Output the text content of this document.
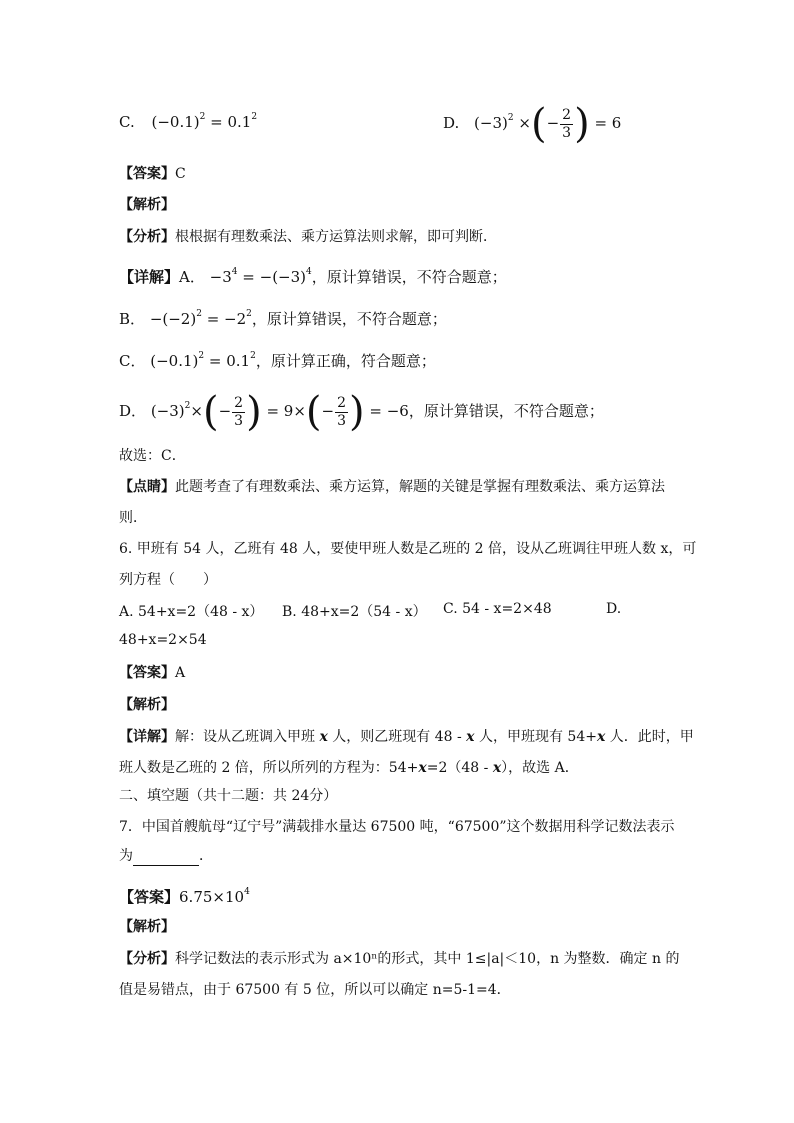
C. $(-0.1)^2 = 0.1^2$	D. $(-3)^2$ ×(− $\frac{2}{3}$ ) = 6
【答案】C
【解析】
【分析】根根据有理数乘法、乘方运算法则求解，即可判断．
【详解】A． $-3^4 = -(-3)^4$，原计算错误，不符合题意；
B． $-(-2)^2 = -2^2$，原计算错误，不符合题意；
C． $(-0.1)^2 = 0.1^2$，原计算正确，符合题意；
D． $(-3)^2\times(- \frac{2}{3}$ ) = $9\times(- \frac{2}{3}$ ) = −6，原计算错误，不符合题意；
故选：C．
【点睛】此题考查了有理数乘法、乘方运算，解题的关键是掌握有理数乘法、乘方运算法
则．
6. 甲班有 54 人，乙班有 48 人，要使甲班人数是乙班的 2 倍，设从乙班调往甲班人数 x，可
列方程（　　）
A. 54+x=2（48 - x） B. 48+x=2（54 - x） C. 54 - x=2×48	D.
48+x=2×54
【答案】A
【解析】
【详解】解：设从乙班调入甲班 x 人，则乙班现有 48 - x 人，甲班现有 54+x 人．此时，甲
班人数是乙班的 2 倍，所以所列的方程为：54+x=2（48 - x），故选 A．
二、填空题（共十二题：共 24分）
7．中国首艘航母“辽宁号”满载排水量达 67500 吨，“67500”这个数据用科学记数法表示
为	．
【答案】$6.75\times 10^4$
【解析】
【分析】科学记数法的表示形式为 a×10ⁿ的形式，其中 1≤|a|＜10，n 为整数．确定 n 的
值是易错点，由于 67500 有 5 位，所以可以确定 n=5-1=4．
